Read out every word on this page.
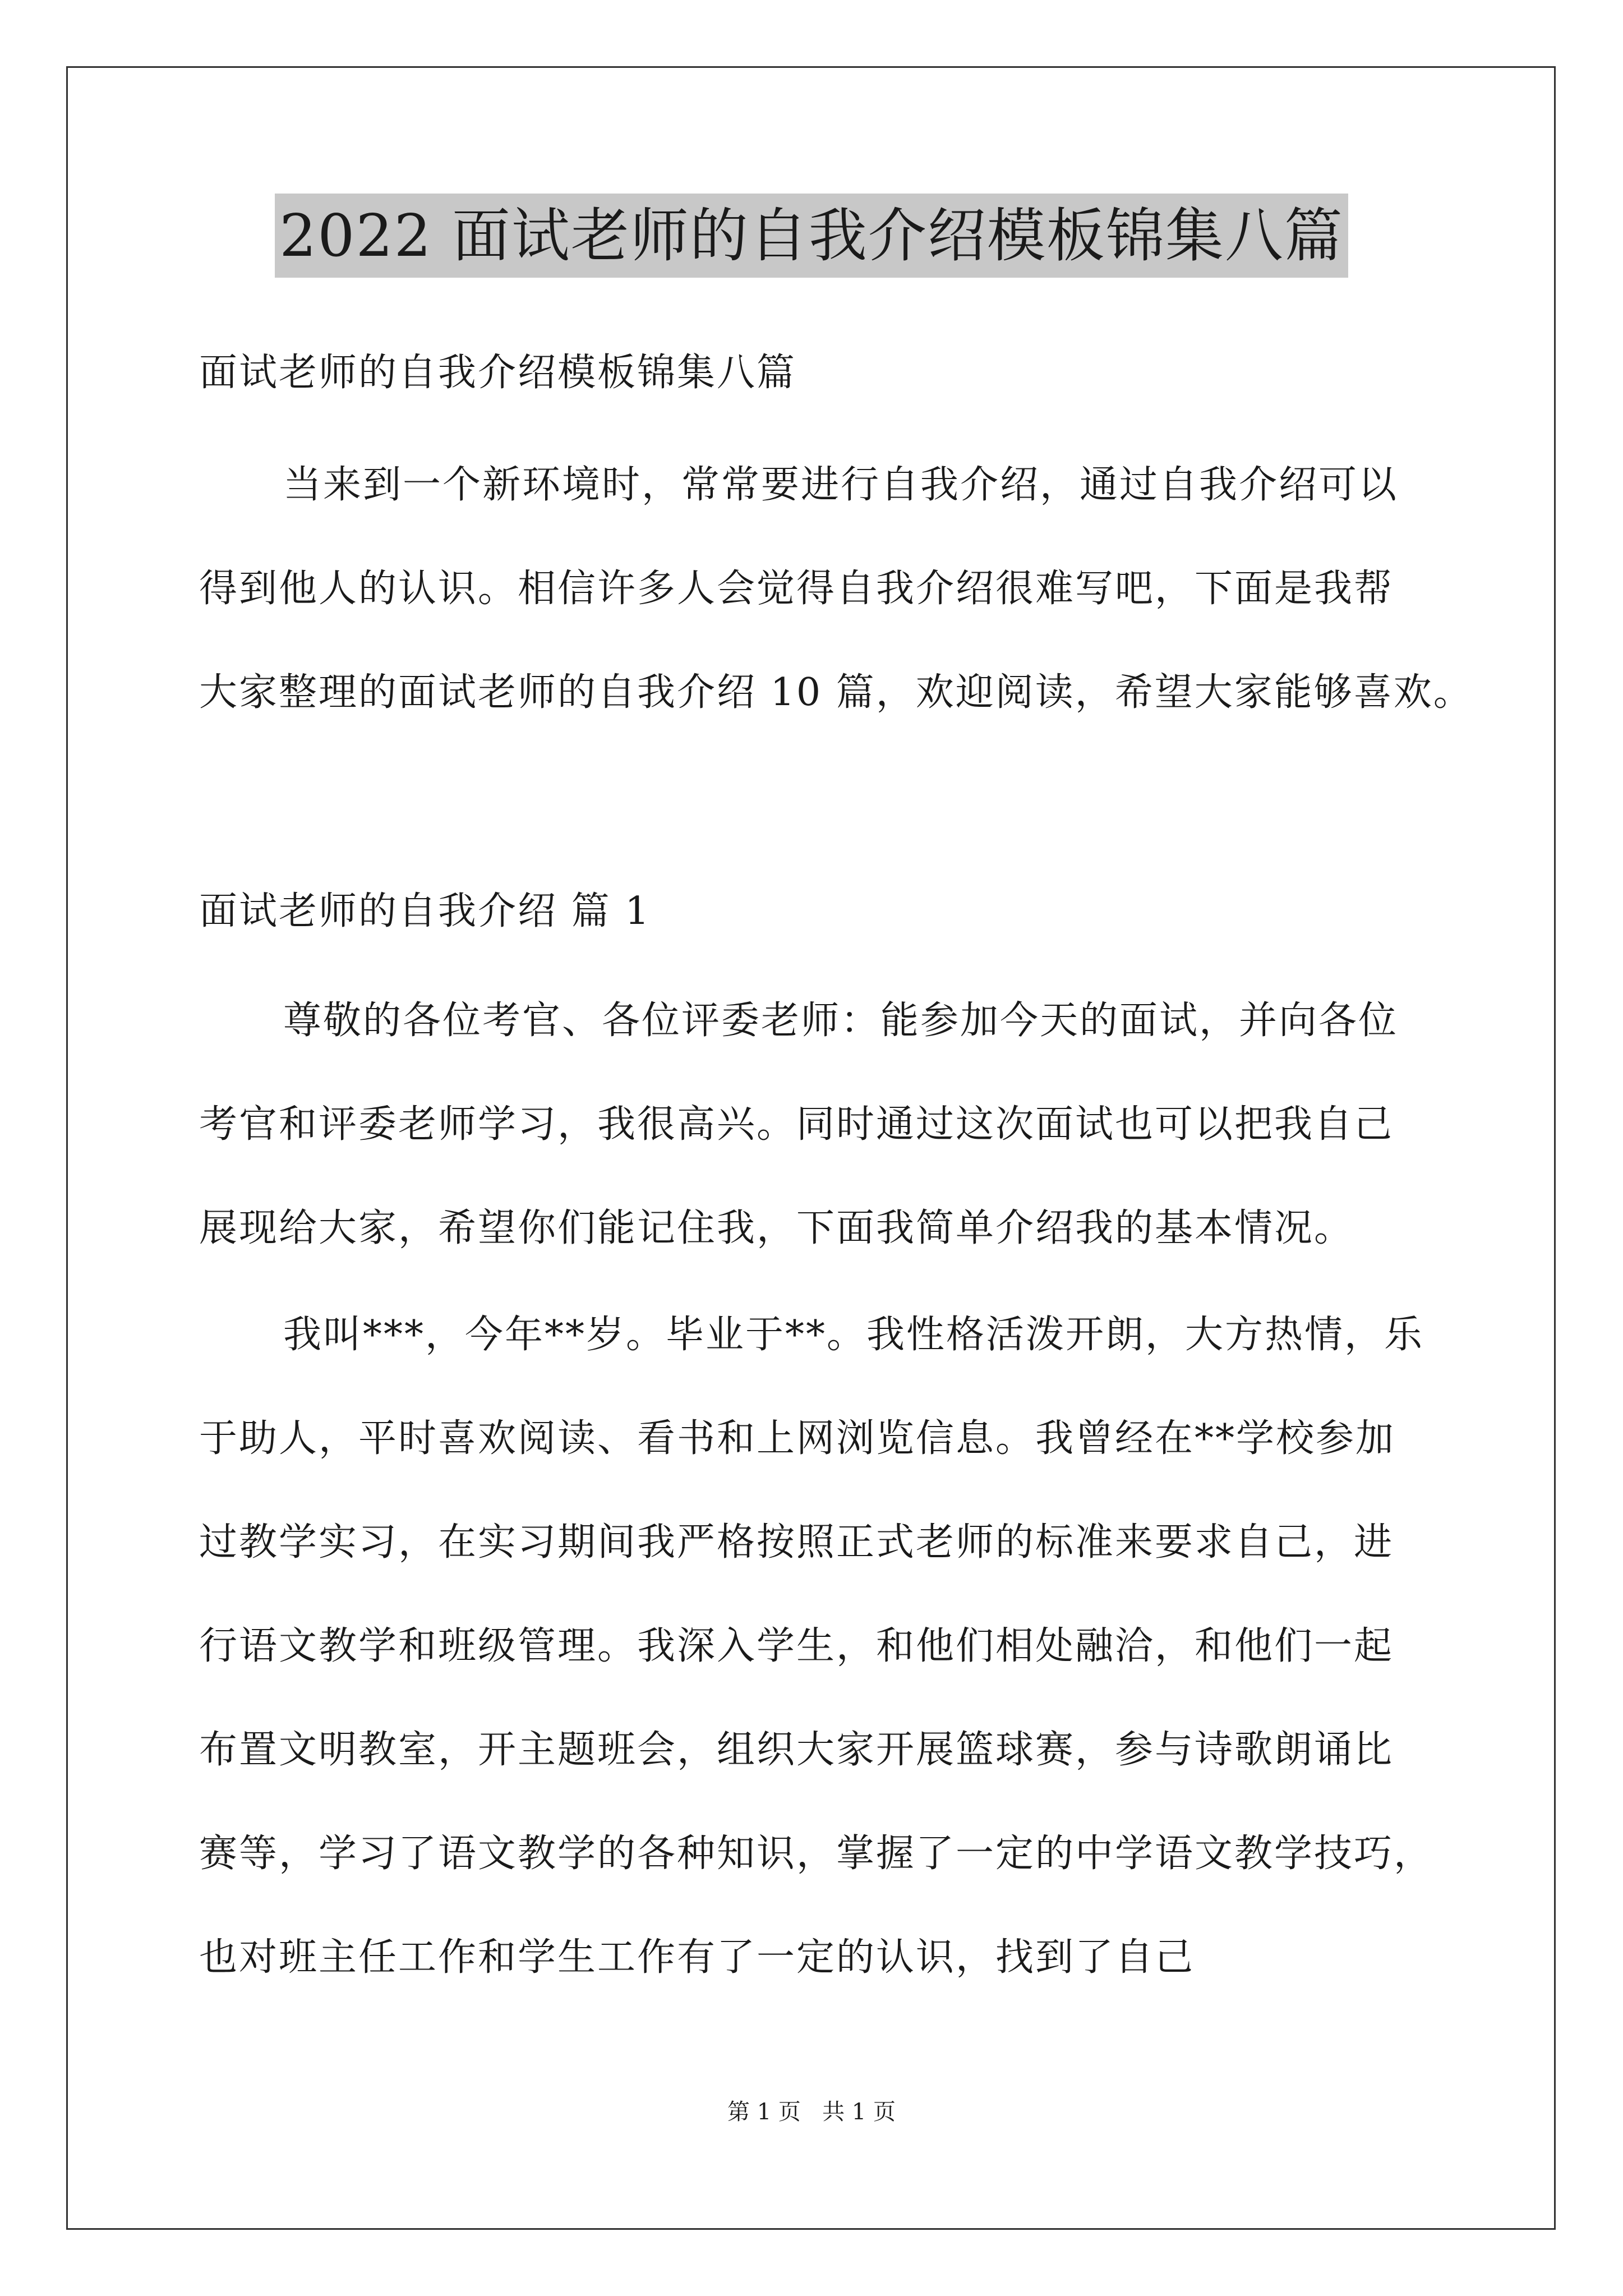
2022 面试老师的自我介绍模板锦集八篇
面试老师的自我介绍模板锦集八篇
当来到一个新环境时，常常要进行自我介绍，通过自我介绍可以
得到他人的认识。相信许多人会觉得自我介绍很难写吧，下面是我帮
大家整理的面试老师的自我介绍 10 篇，欢迎阅读，希望大家能够喜欢。
面试老师的自我介绍 篇 1
尊敬的各位考官、各位评委老师：能参加今天的面试，并向各位
考官和评委老师学习，我很高兴。同时通过这次面试也可以把我自己
展现给大家，希望你们能记住我，下面我简单介绍我的基本情况。
我叫***，今年**岁。毕业于**。我性格活泼开朗，大方热情，乐
于助人，平时喜欢阅读、看书和上网浏览信息。我曾经在**学校参加
过教学实习，在实习期间我严格按照正式老师的标准来要求自己，进
行语文教学和班级管理。我深入学生，和他们相处融洽，和他们一起
布置文明教室，开主题班会，组织大家开展篮球赛，参与诗歌朗诵比
赛等，学习了语文教学的各种知识，掌握了一定的中学语文教学技巧，
也对班主任工作和学生工作有了一定的认识，找到了自己
第 1 页   共 1 页
